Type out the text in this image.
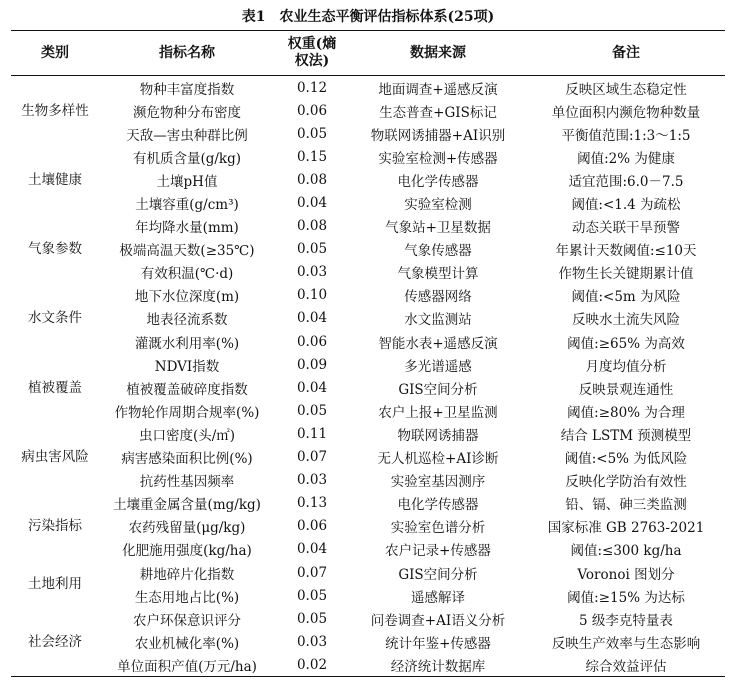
表1 农业生态平衡评估指标体系(25项)
类别	指标名称	权重(熵权法)	数据来源	备注
生物多样性	物种丰富度指数	0.12	地面调查+遥感反演	反映区域生态稳定性
	濒危物种分布密度	0.06	生态普查+GIS标记	单位面积内濒危物种数量
	天敌—害虫种群比例	0.05	物联网诱捕器+AI识别	平衡值范围:1:3～1:5
土壤健康	有机质含量(g/kg)	0.15	实验室检测+传感器	阈值:2% 为健康
	土壤pH值	0.08	电化学传感器	适宜范围:6.0－7.5
	土壤容重(g/cm³)	0.04	实验室检测	阈值:<1.4 为疏松
气象参数	年均降水量(mm)	0.08	气象站+卫星数据	动态关联干旱预警
	极端高温天数(≥35℃)	0.05	气象传感器	年累计天数阈值:≤10天
	有效积温(℃·d)	0.03	气象模型计算	作物生长关键期累计值
水文条件	地下水位深度(m)	0.10	传感器网络	阈值:<5m 为风险
	地表径流系数	0.04	水文监测站	反映水土流失风险
	灌溉水利用率(%)	0.06	智能水表+遥感反演	阈值:≥65% 为高效
植被覆盖	NDVI指数	0.09	多光谱遥感	月度均值分析
	植被覆盖破碎度指数	0.04	GIS空间分析	反映景观连通性
	作物轮作周期合规率(%)	0.05	农户上报+卫星监测	阈值:≥80% 为合理
病虫害风险	虫口密度(头/㎡)	0.11	物联网诱捕器	结合 LSTM 预测模型
	病害感染面积比例(%)	0.07	无人机巡检+AI诊断	阈值:<5% 为低风险
	抗药性基因频率	0.03	实验室基因测序	反映化学防治有效性
污染指标	土壤重金属含量(mg/kg)	0.13	电化学传感器	铅、镉、砷三类监测
	农药残留量(μg/kg)	0.06	实验室色谱分析	国家标准 GB 2763-2021
	化肥施用强度(kg/ha)	0.04	农户记录+传感器	阈值:≤300 kg/ha
土地利用	耕地碎片化指数	0.07	GIS空间分析	Voronoi 图划分
	生态用地占比(%)	0.05	遥感解译	阈值:≥15% 为达标
社会经济	农户环保意识评分	0.05	问卷调查+AI语义分析	5 级李克特量表
	农业机械化率(%)	0.03	统计年鉴+传感器	反映生产效率与生态影响
	单位面积产值(万元/ha)	0.02	经济统计数据库	综合效益评估
